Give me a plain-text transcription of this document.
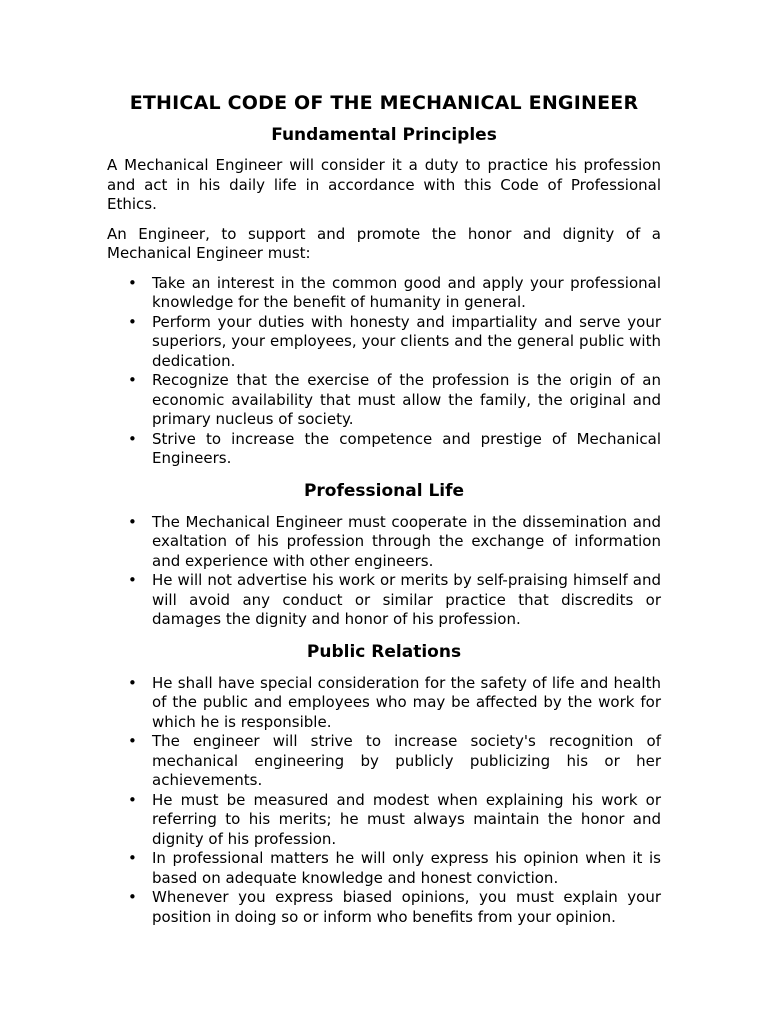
ETHICAL CODE OF THE MECHANICAL ENGINEER
Fundamental Principles

A Mechanical Engineer will consider it a duty to practice his profession and act in his daily life in accordance with this Code of Professional Ethics.

An Engineer, to support and promote the honor and dignity of a Mechanical Engineer must:

• Take an interest in the common good and apply your professional knowledge for the benefit of humanity in general.
• Perform your duties with honesty and impartiality and serve your superiors, your employees, your clients and the general public with dedication.
• Recognize that the exercise of the profession is the origin of an economic availability that must allow the family, the original and primary nucleus of society.
• Strive to increase the competence and prestige of Mechanical Engineers.
Professional Life
• The Mechanical Engineer must cooperate in the dissemination and exaltation of his profession through the exchange of information and experience with other engineers.
• He will not advertise his work or merits by self-praising himself and will avoid any conduct or similar practice that discredits or damages the dignity and honor of his profession.
Public Relations
• He shall have special consideration for the safety of life and health of the public and employees who may be affected by the work for which he is responsible.
• The engineer will strive to increase society's recognition of mechanical engineering by publicly publicizing his or her achievements.
• He must be measured and modest when explaining his work or referring to his merits; he must always maintain the honor and dignity of his profession.
• In professional matters he will only express his opinion when it is based on adequate knowledge and honest conviction.
• Whenever you express biased opinions, you must explain your position in doing so or inform who benefits from your opinion.
